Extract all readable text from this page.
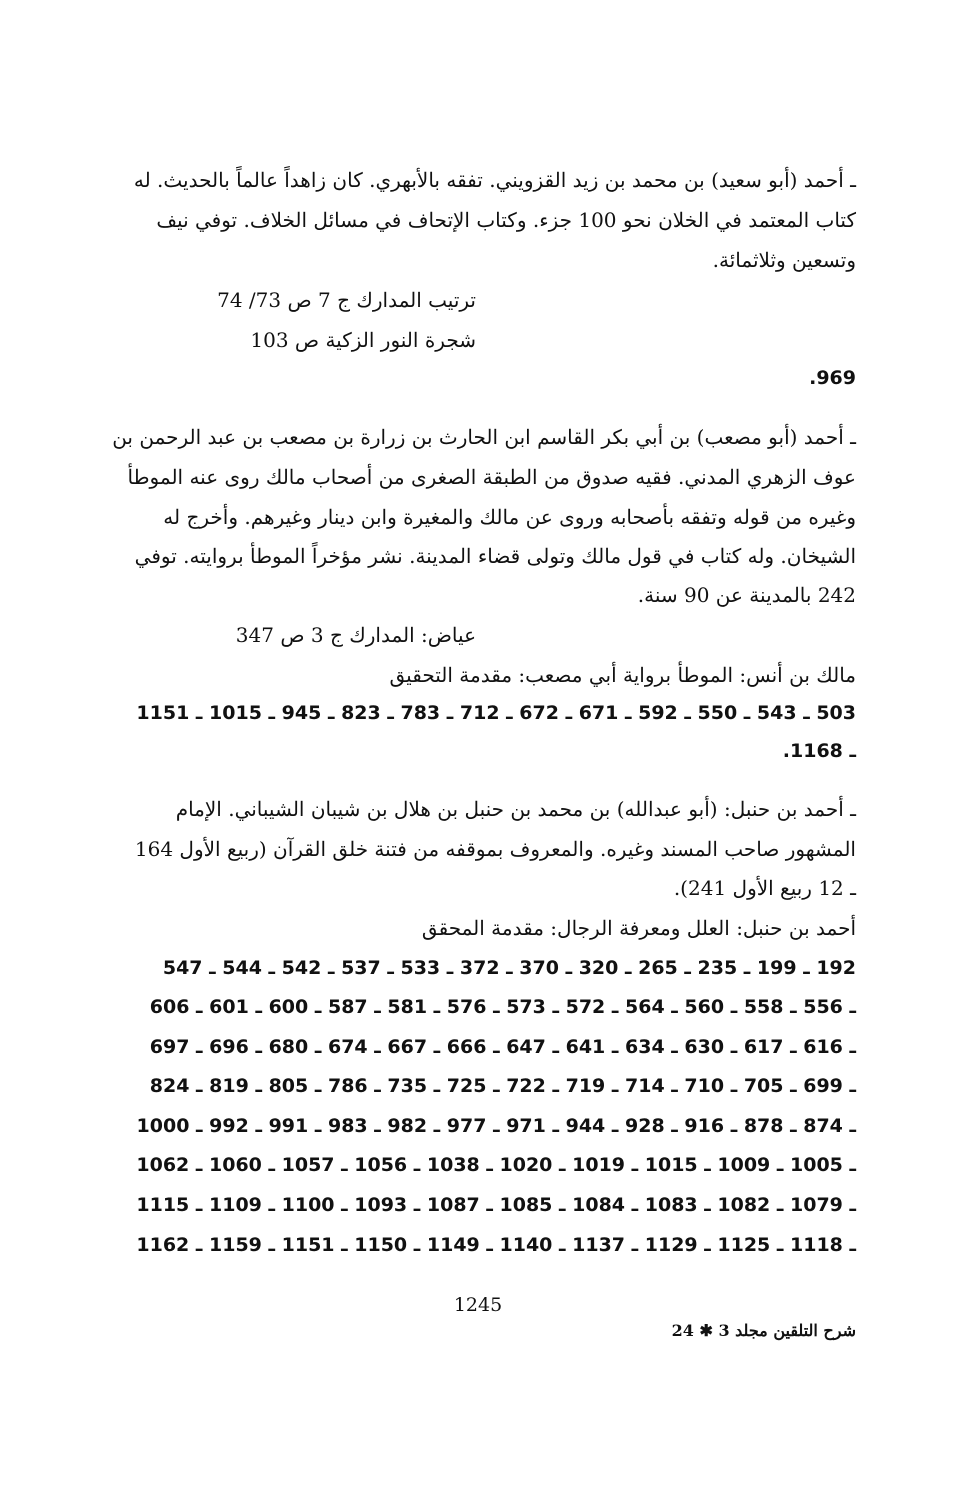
ـ أحمد (أبو سعيد) بن محمد بن زيد القزويني. تفقه بالأبهري. كان زاهداً عالماً بالحديث. له
كتاب المعتمد في الخلان نحو 100 جزء. وكتاب الإتحاف في مسائل الخلاف. توفي نيف
وتسعين وثلاثمائة.
ترتيب المدارك ج 7 ص 73/ 74
شجرة النور الزكية ص 103
.969
ـ أحمد (أبو مصعب) بن أبي بكر القاسم ابن الحارث بن زرارة بن مصعب بن عبد الرحمن بن
عوف الزهري المدني. فقيه صدوق من الطبقة الصغرى من أصحاب مالك روى عنه الموطأ
وغيره من قوله وتفقه بأصحابه وروى عن مالك والمغيرة وابن دينار وغيرهم. وأخرج له
الشيخان. وله كتاب في قول مالك وتولى قضاء المدينة. نشر مؤخراً الموطأ بروايته. توفي
242 بالمدينة عن 90 سنة.
عياض: المدارك ج 3 ص 347
مالك بن أنس: الموطأ برواية أبي مصعب: مقدمة التحقيق
503 ـ 543 ـ 550 ـ 592 ـ 671 ـ 672 ـ 712 ـ 783 ـ 823 ـ 945 ـ 1015 ـ 1151
ـ 1168.
ـ أحمد بن حنبل: (أبو عبدالله) بن محمد بن حنبل بن هلال بن شيبان الشيباني. الإمام
المشهور صاحب المسند وغيره. والمعروف بموقفه من فتنة خلق القرآن (ربيع الأول 164
ـ 12 ربيع الأول 241).
أحمد بن حنبل: العلل ومعرفة الرجال: مقدمة المحقق
192 ـ 199 ـ 235 ـ 265 ـ 320 ـ 370 ـ 372 ـ 533 ـ 537 ـ 542 ـ 544 ـ 547
ـ 556 ـ 558 ـ 560 ـ 564 ـ 572 ـ 573 ـ 576 ـ 581 ـ 587 ـ 600 ـ 601 ـ 606
ـ 616 ـ 617 ـ 630 ـ 634 ـ 641 ـ 647 ـ 666 ـ 667 ـ 674 ـ 680 ـ 696 ـ 697
ـ 699 ـ 705 ـ 710 ـ 714 ـ 719 ـ 722 ـ 725 ـ 735 ـ 786 ـ 805 ـ 819 ـ 824
ـ 874 ـ 878 ـ 916 ـ 928 ـ 944 ـ 971 ـ 977 ـ 982 ـ 983 ـ 991 ـ 992 ـ 1000
ـ 1005 ـ 1009 ـ 1015 ـ 1019 ـ 1020 ـ 1038 ـ 1056 ـ 1057 ـ 1060 ـ 1062
ـ 1079 ـ 1082 ـ 1083 ـ 1084 ـ 1085 ـ 1087 ـ 1093 ـ 1100 ـ 1109 ـ 1115
ـ 1118 ـ 1125 ـ 1129 ـ 1137 ـ 1140 ـ 1149 ـ 1150 ـ 1151 ـ 1159 ـ 1162
1245
شرح التلقين مجلد 3 ✱ 24
